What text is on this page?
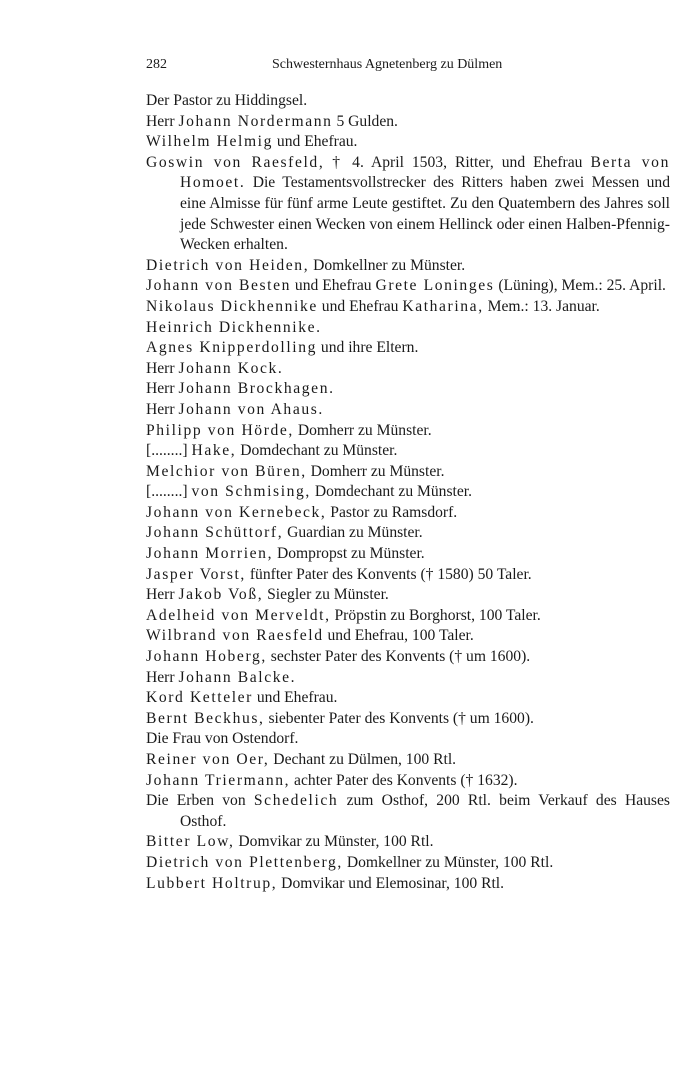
282	Schwesternhaus Agnetenberg zu Dülmen
Der Pastor zu Hiddingsel.
Herr Johann Nordermann 5 Gulden.
Wilhelm Helmig und Ehefrau.
Goswin von Raesfeld, † 4. April 1503, Ritter, und Ehefrau Berta von Homoet. Die Testamentsvollstrecker des Ritters haben zwei Messen und eine Almisse für fünf arme Leute gestiftet. Zu den Quatembern des Jahres soll jede Schwester einen Wecken von einem Hellinck oder einen Halben-Pfennig-Wecken erhalten.
Dietrich von Heiden, Domkellner zu Münster.
Johann von Besten und Ehefrau Grete Loninges (Lüning), Mem.: 25. April.
Nikolaus Dickhennike und Ehefrau Katharina, Mem.: 13. Januar.
Heinrich Dickhennike.
Agnes Knipperdolling und ihre Eltern.
Herr Johann Kock.
Herr Johann Brockhagen.
Herr Johann von Ahaus.
Philipp von Hörde, Domherr zu Münster.
[........] Hake, Domdechant zu Münster.
Melchior von Büren, Domherr zu Münster.
[........] von Schmising, Domdechant zu Münster.
Johann von Kernebeck, Pastor zu Ramsdorf.
Johann Schüttorf, Guardian zu Münster.
Johann Morrien, Dompropst zu Münster.
Jasper Vorst, fünfter Pater des Konvents († 1580) 50 Taler.
Herr Jakob Voß, Siegler zu Münster.
Adelheid von Merveldt, Pröpstin zu Borghorst, 100 Taler.
Wilbrand von Raesfeld und Ehefrau, 100 Taler.
Johann Hoberg, sechster Pater des Konvents († um 1600).
Herr Johann Balcke.
Kord Ketteler und Ehefrau.
Bernt Beckhus, siebenter Pater des Konvents († um 1600).
Die Frau von Ostendorf.
Reiner von Oer, Dechant zu Dülmen, 100 Rtl.
Johann Triermann, achter Pater des Konvents († 1632).
Die Erben von Schedelich zum Osthof, 200 Rtl. beim Verkauf des Hauses Osthof.
Bitter Low, Domvikar zu Münster, 100 Rtl.
Dietrich von Plettenberg, Domkellner zu Münster, 100 Rtl.
Lubbert Holtrup, Domvikar und Elemosinar, 100 Rtl.
